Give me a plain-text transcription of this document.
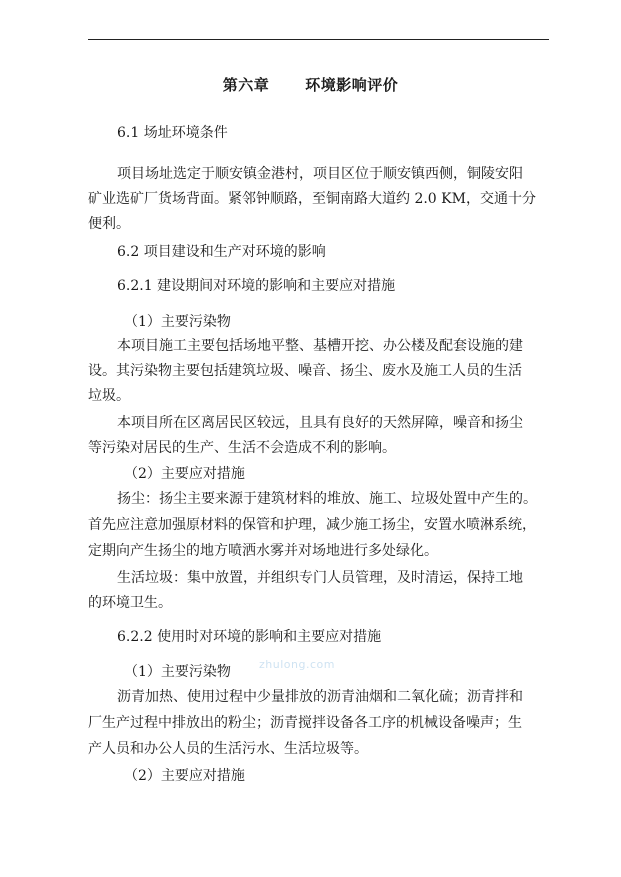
第六章 环境影响评价
6.1 场址环境条件
项目场址选定于顺安镇金港村，项目区位于顺安镇西侧，铜陵安阳
矿业选矿厂货场背面。紧邻钟顺路，至铜南路大道约 2.0 KM，交通十分
便利。
6.2 项目建设和生产对环境的影响
6.2.1 建设期间对环境的影响和主要应对措施
（1）主要污染物
本项目施工主要包括场地平整、基槽开挖、办公楼及配套设施的建
设。其污染物主要包括建筑垃圾、噪音、扬尘、废水及施工人员的生活
垃圾。
本项目所在区离居民区较远，且具有良好的天然屏障，噪音和扬尘
等污染对居民的生产、生活不会造成不利的影响。
（2）主要应对措施
扬尘：扬尘主要来源于建筑材料的堆放、施工、垃圾处置中产生的。
首先应注意加强原材料的保管和护理，减少施工扬尘，安置水喷淋系统，
定期向产生扬尘的地方喷洒水雾并对场地进行多处绿化。
生活垃圾：集中放置，并组织专门人员管理，及时清运，保持工地
的环境卫生。
6.2.2 使用时对环境的影响和主要应对措施
（1）主要污染物
沥青加热、使用过程中少量排放的沥青油烟和二氧化硫；沥青拌和
厂生产过程中排放出的粉尘；沥青搅拌设备各工序的机械设备噪声；生
产人员和办公人员的生活污水、生活垃圾等。
（2）主要应对措施
zhulong.com
